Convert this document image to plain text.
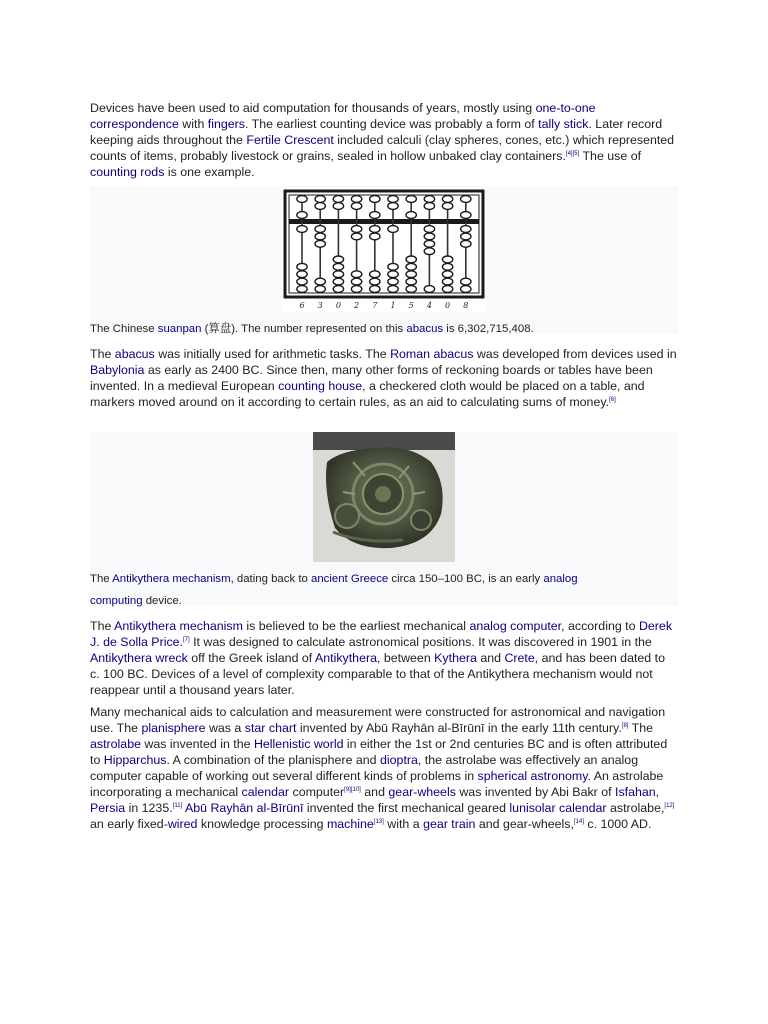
Devices have been used to aid computation for thousands of years, mostly using one-to-one correspondence with fingers. The earliest counting device was probably a form of tally stick. Later record keeping aids throughout the Fertile Crescent included calculi (clay spheres, cones, etc.) which represented counts of items, probably livestock or grains, sealed in hollow unbaked clay containers.[4][5] The use of counting rods is one example.

6 3 0 2 7 1 5 4 0 8

The Chinese suanpan (算盘). The number represented on this abacus is 6,302,715,408.

The abacus was initially used for arithmetic tasks. The Roman abacus was developed from devices used in Babylonia as early as 2400 BC. Since then, many other forms of reckoning boards or tables have been invented. In a medieval European counting house, a checkered cloth would be placed on a table, and markers moved around on it according to certain rules, as an aid to calculating sums of money.[6]

The Antikythera mechanism, dating back to ancient Greece circa 150–100 BC, is an early analog computing device.

The Antikythera mechanism is believed to be the earliest mechanical analog computer, according to Derek J. de Solla Price.[7] It was designed to calculate astronomical positions. It was discovered in 1901 in the Antikythera wreck off the Greek island of Antikythera, between Kythera and Crete, and has been dated to c. 100 BC. Devices of a level of complexity comparable to that of the Antikythera mechanism would not reappear until a thousand years later.

Many mechanical aids to calculation and measurement were constructed for astronomical and navigation use. The planisphere was a star chart invented by Abū Rayhān al-Bīrūnī in the early 11th century.[8] The astrolabe was invented in the Hellenistic world in either the 1st or 2nd centuries BC and is often attributed to Hipparchus. A combination of the planisphere and dioptra, the astrolabe was effectively an analog computer capable of working out several different kinds of problems in spherical astronomy. An astrolabe incorporating a mechanical calendar computer[9][10] and gear-wheels was invented by Abi Bakr of Isfahan, Persia in 1235.[11] Abū Rayhān al-Bīrūnī invented the first mechanical geared lunisolar calendar astrolabe,[12] an early fixed-wired knowledge processing machine[13] with a gear train and gear-wheels,[14] c. 1000 AD.
